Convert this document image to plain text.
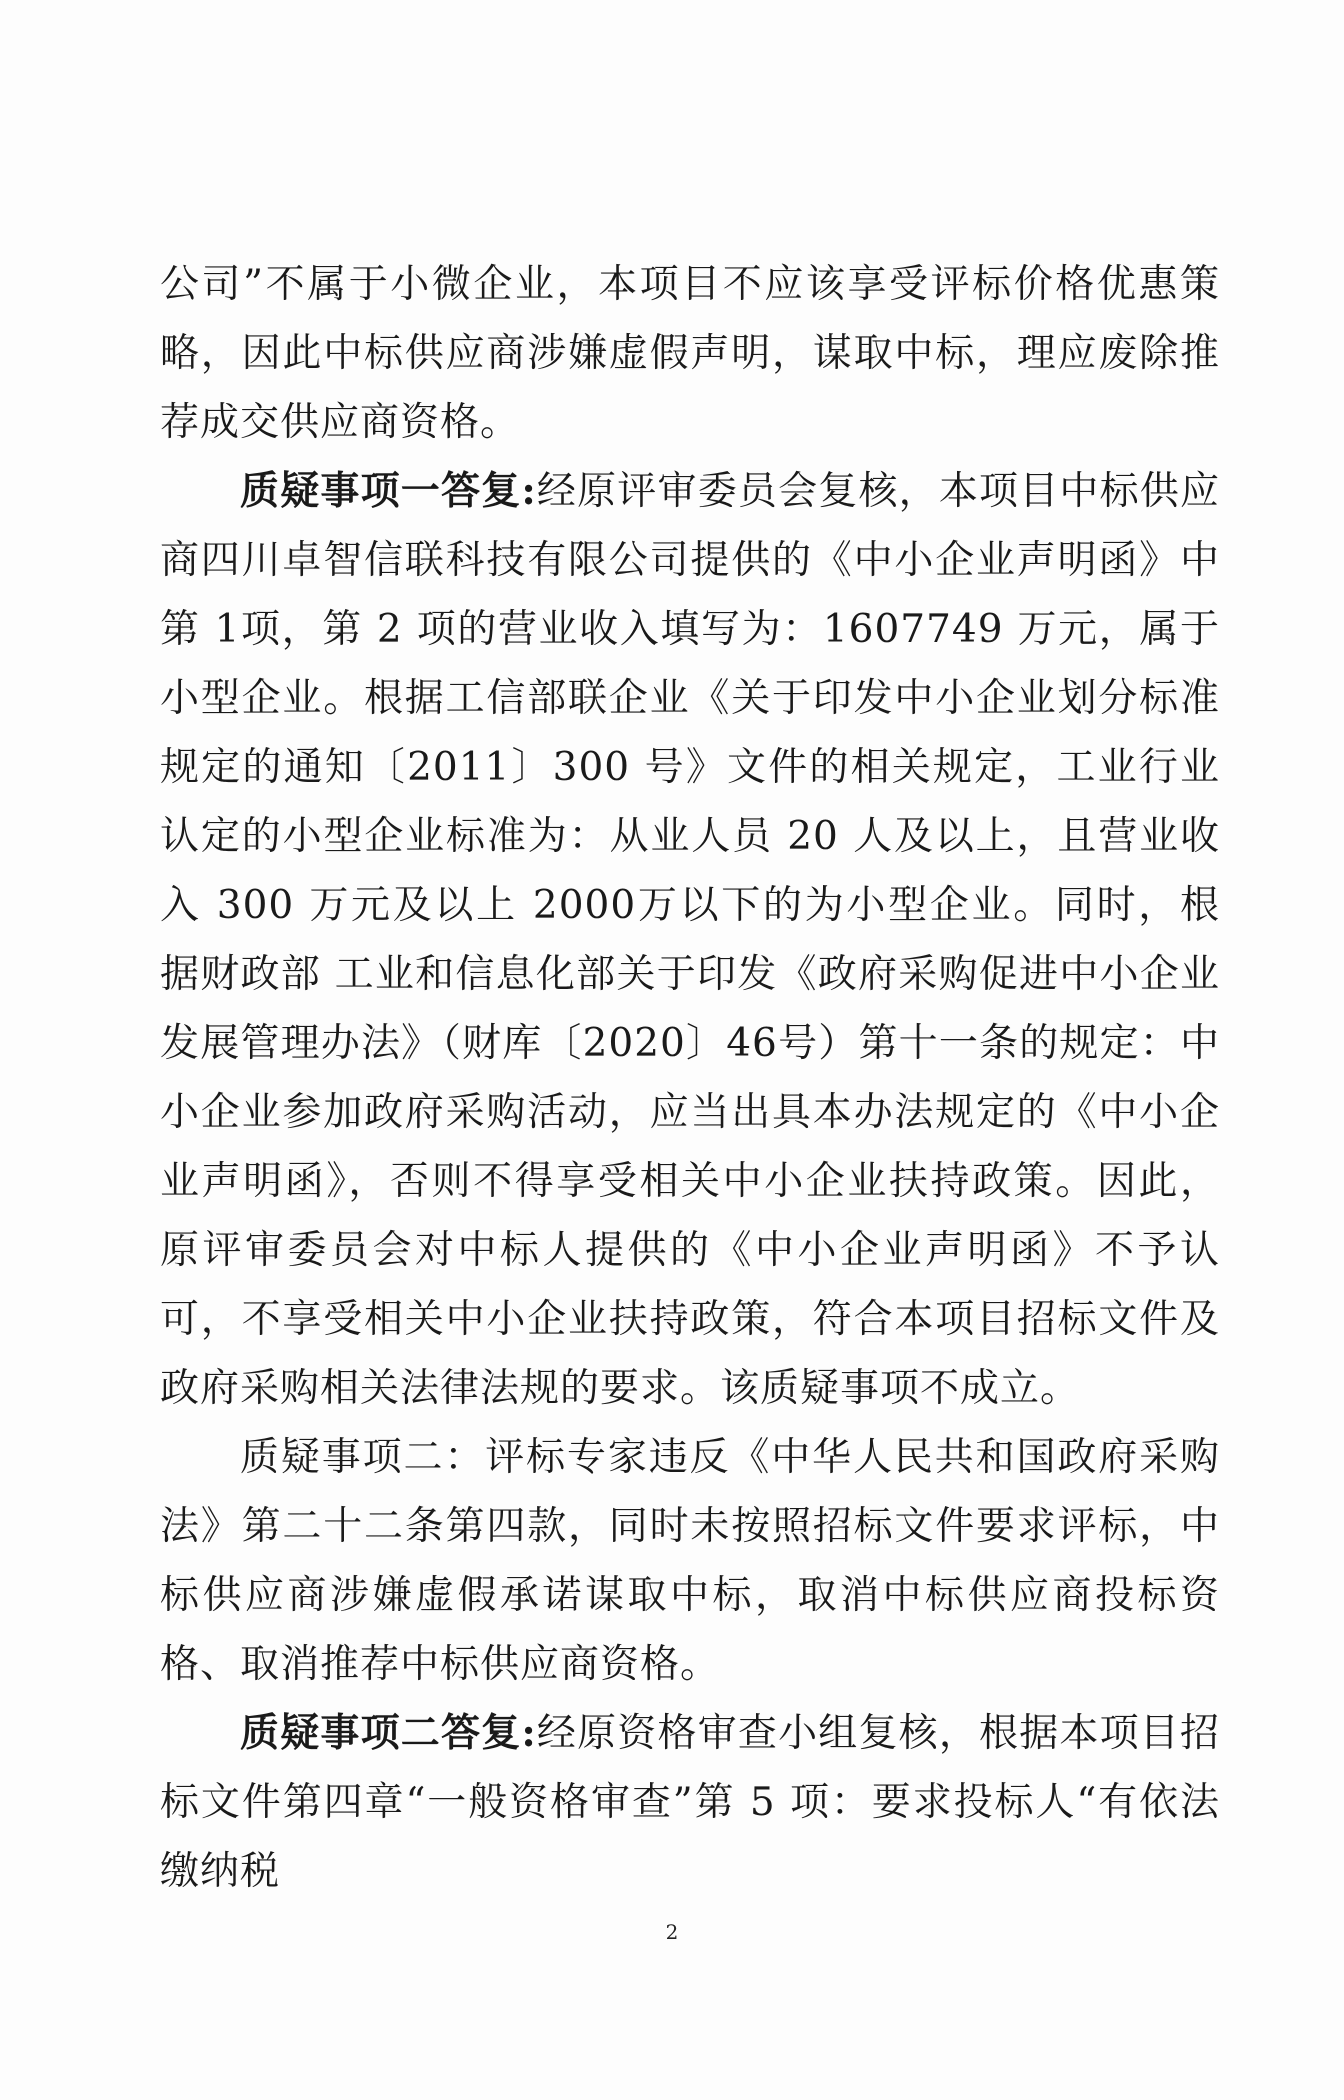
公司”不属于小微企业，本项目不应该享受评标价格优惠策略，因此中标供应商涉嫌虚假声明，谋取中标，理应废除推荐成交供应商资格。

质疑事项一答复:经原评审委员会复核，本项目中标供应商四川卓智信联科技有限公司提供的《中小企业声明函》中第 1项，第 2 项的营业收入填写为：1607749 万元，属于小型企业。根据工信部联企业《关于印发中小企业划分标准规定的通知〔2011〕300 号》文件的相关规定，工业行业认定的小型企业标准为：从业人员 20 人及以上，且营业收入 300 万元及以上 2000万以下的为小型企业。同时，根据财政部 工业和信息化部关于印发《政府采购促进中小企业发展管理办法》（财库〔2020〕46号）第十一条的规定：中小企业参加政府采购活动，应当出具本办法规定的《中小企业声明函》，否则不得享受相关中小企业扶持政策。因此，原评审委员会对中标人提供的《中小企业声明函》不予认可，不享受相关中小企业扶持政策，符合本项目招标文件及政府采购相关法律法规的要求。该质疑事项不成立。

质疑事项二：评标专家违反《中华人民共和国政府采购法》第二十二条第四款，同时未按照招标文件要求评标，中标供应商涉嫌虚假承诺谋取中标，取消中标供应商投标资格、取消推荐中标供应商资格。

质疑事项二答复:经原资格审查小组复核，根据本项目招标文件第四章“一般资格审查”第 5 项：要求投标人“有依法缴纳税

2
